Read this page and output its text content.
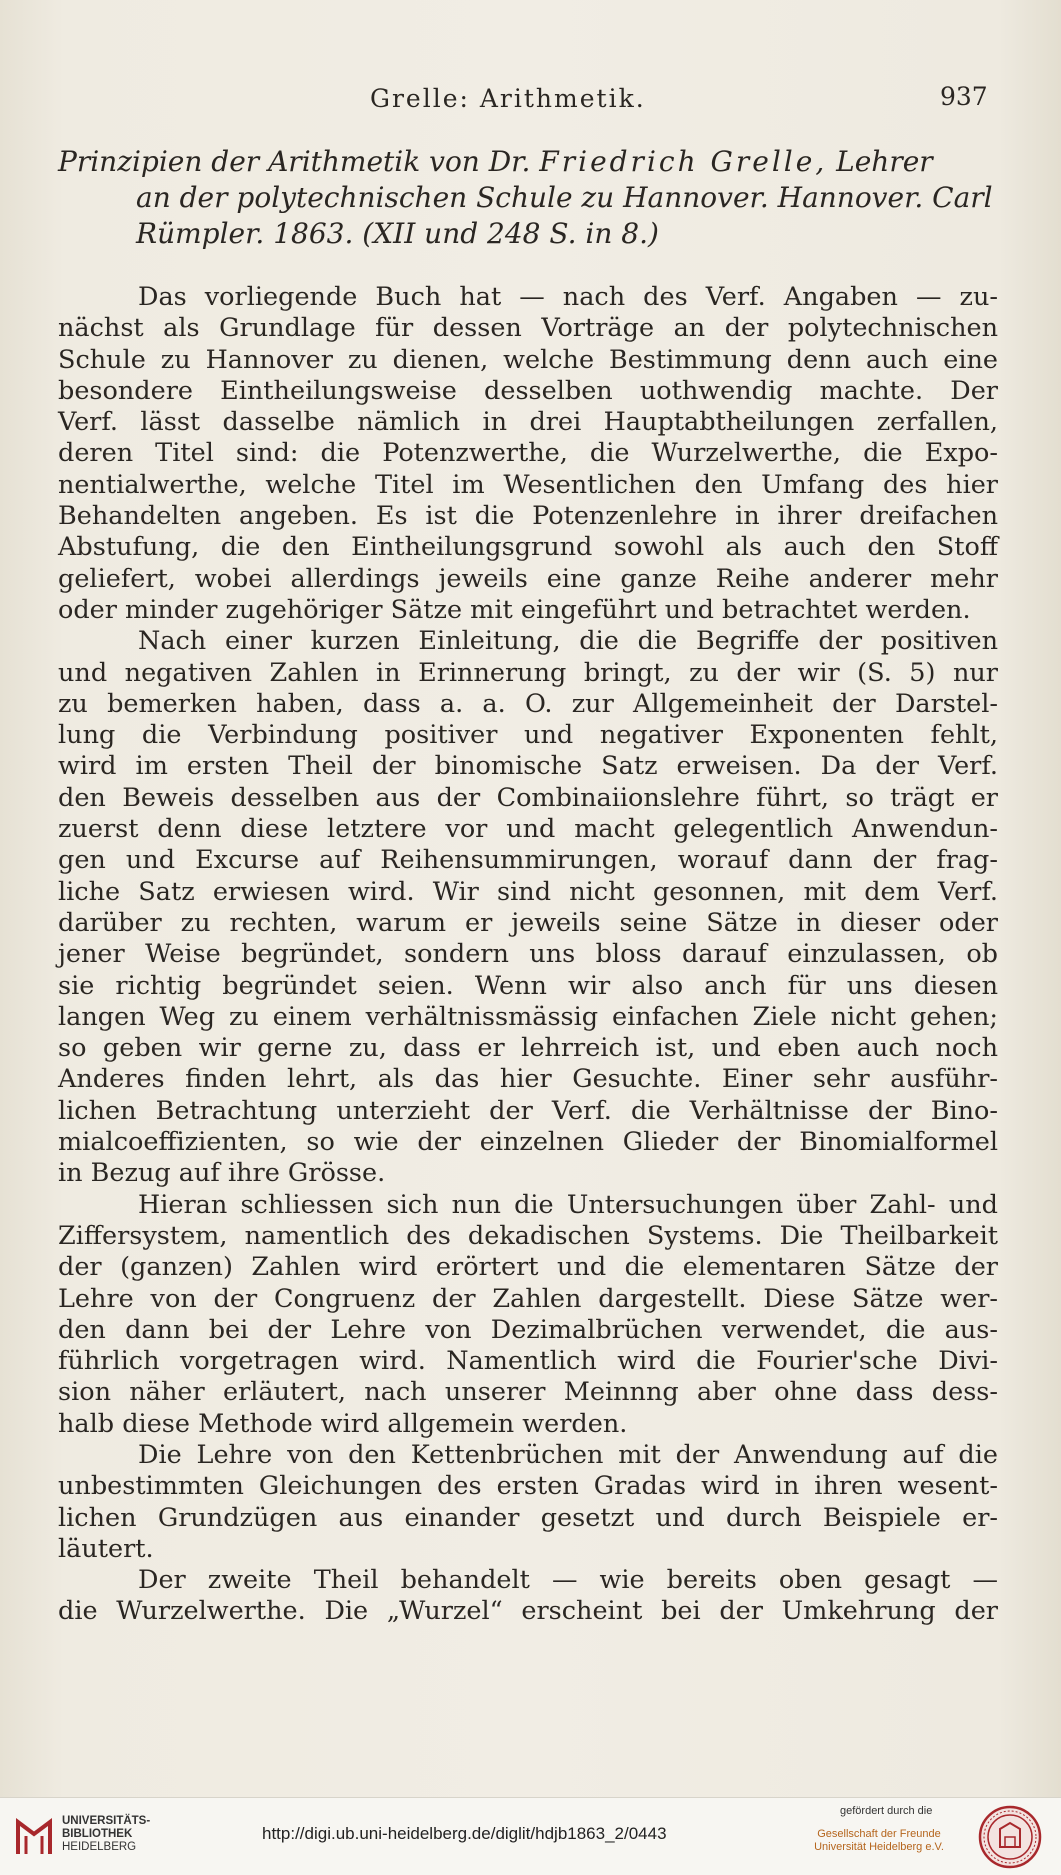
Grelle: Arithmetik.	937
Prinzipien der Arithmetik von Dr. Friedrich Grelle, Lehrer
an der polytechnischen Schule zu Hannover. Hannover. Carl
Rümpler. 1863. (XII und 248 S. in 8.)
Das vorliegende Buch hat — nach des Verf. Angaben — zu-
nächst als Grundlage für dessen Vorträge an der polytechnischen
Schule zu Hannover zu dienen, welche Bestimmung denn auch eine
besondere Eintheilungsweise desselben uothwendig machte. Der
Verf. lässt dasselbe nämlich in drei Hauptabtheilungen zerfallen,
deren Titel sind: die Potenzwerthe, die Wurzelwerthe, die Expo-
nentialwerthe, welche Titel im Wesentlichen den Umfang des hier
Behandelten angeben. Es ist die Potenzenlehre in ihrer dreifachen
Abstufung, die den Eintheilungsgrund sowohl als auch den Stoff
geliefert, wobei allerdings jeweils eine ganze Reihe anderer mehr
oder minder zugehöriger Sätze mit eingeführt und betrachtet werden.
Nach einer kurzen Einleitung, die die Begriffe der positiven
und negativen Zahlen in Erinnerung bringt, zu der wir (S. 5) nur
zu bemerken haben, dass a. a. O. zur Allgemeinheit der Darstel-
lung die Verbindung positiver und negativer Exponenten fehlt,
wird im ersten Theil der binomische Satz erweisen. Da der Verf.
den Beweis desselben aus der Combinaiionslehre führt, so trägt er
zuerst denn diese letztere vor und macht gelegentlich Anwendun-
gen und Excurse auf Reihensummirungen, worauf dann der frag-
liche Satz erwiesen wird. Wir sind nicht gesonnen, mit dem Verf.
darüber zu rechten, warum er jeweils seine Sätze in dieser oder
jener Weise begründet, sondern uns bloss darauf einzulassen, ob
sie richtig begründet seien. Wenn wir also anch für uns diesen
langen Weg zu einem verhältnissmässig einfachen Ziele nicht gehen;
so geben wir gerne zu, dass er lehrreich ist, und eben auch noch
Anderes finden lehrt, als das hier Gesuchte. Einer sehr ausführ-
lichen Betrachtung unterzieht der Verf. die Verhältnisse der Bino-
mialcoeffizienten, so wie der einzelnen Glieder der Binomialformel
in Bezug auf ihre Grösse.
Hieran schliessen sich nun die Untersuchungen über Zahl- und
Ziffersystem, namentlich des dekadischen Systems. Die Theilbarkeit
der (ganzen) Zahlen wird erörtert und die elementaren Sätze der
Lehre von der Congruenz der Zahlen dargestellt. Diese Sätze wer-
den dann bei der Lehre von Dezimalbrüchen verwendet, die aus-
führlich vorgetragen wird. Namentlich wird die Fourier'sche Divi-
sion näher erläutert, nach unserer Meinnng aber ohne dass dess-
halb diese Methode wird allgemein werden.
Die Lehre von den Kettenbrüchen mit der Anwendung auf die
unbestimmten Gleichungen des ersten Gradas wird in ihren wesent-
lichen Grundzügen aus einander gesetzt und durch Beispiele er-
läutert.
Der zweite Theil behandelt — wie bereits oben gesagt —
die Wurzelwerthe. Die „Wurzel“ erscheint bei der Umkehrung der
UNIVERSITÄTS-
BIBLIOTHEK
HEIDELBERG
http://digi.ub.uni-heidelberg.de/diglit/hdjb1863_2/0443
gefördert durch die
Gesellschaft der Freunde
Universität Heidelberg e.V.
